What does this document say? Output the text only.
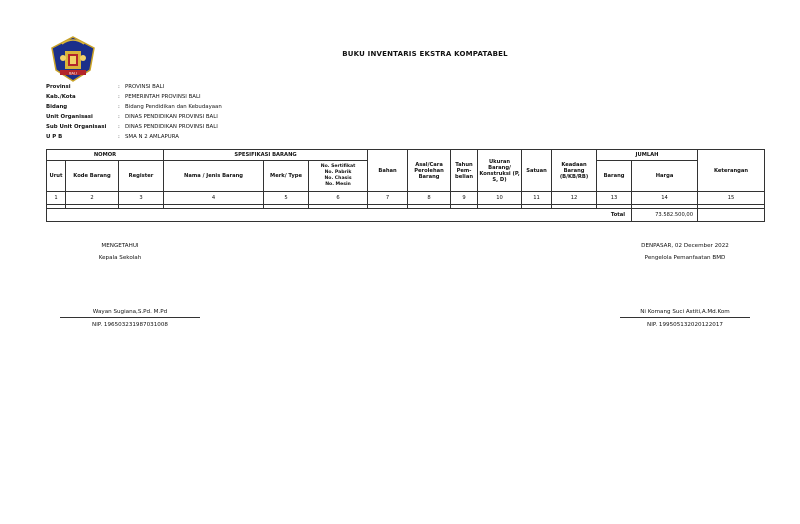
BALI
BUKU INVENTARIS EKSTRA KOMPATABEL
Provinsi	: PROVINSI BALI
Kab./Kota	: PEMERINTAH PROVINSI BALI
Bidang	: Bidang Pendidikan dan Kebudayaan
Unit Organisasi	: DINAS PENDIDIKAN PROVINSI BALI
Sub Unit Organisasi : DINAS PENDIDIKAN PROVINSI BALI
U P B	: SMA N 2 AMLAPURA
NOMOR			SPESIFIKASI BARANG			Bahan	Asal/Cara Perolehan Barang	Tahun Pem- belian	Ukuran Barang/ Konstruksi (P, S, D)	Satuan	Keadaan Barang (B/KB/RB)	JUMLAH		Keterangan
Urut	Kode Barang	Register	Nama / Jenis Barang	Merk/ Type	No. Sertifikat
No. Pabrik
No. Chasis
No. Mesin							Barang	Harga	
1	2	3	4	5	6	7	8	9	10	11	12	13	14	15

Total													73.582.500,00	
MENGETAHUI
Kepala Sekolah
Wayan Sugiana,S.Pd. M.Pd
NIP. 196503231987031008
DENPASAR, 02 December 2022
Pengelola Pemanfaatan BMD
Ni Komang Suci Astiti,A.Md.Kom
NIP. 199505132020122017
